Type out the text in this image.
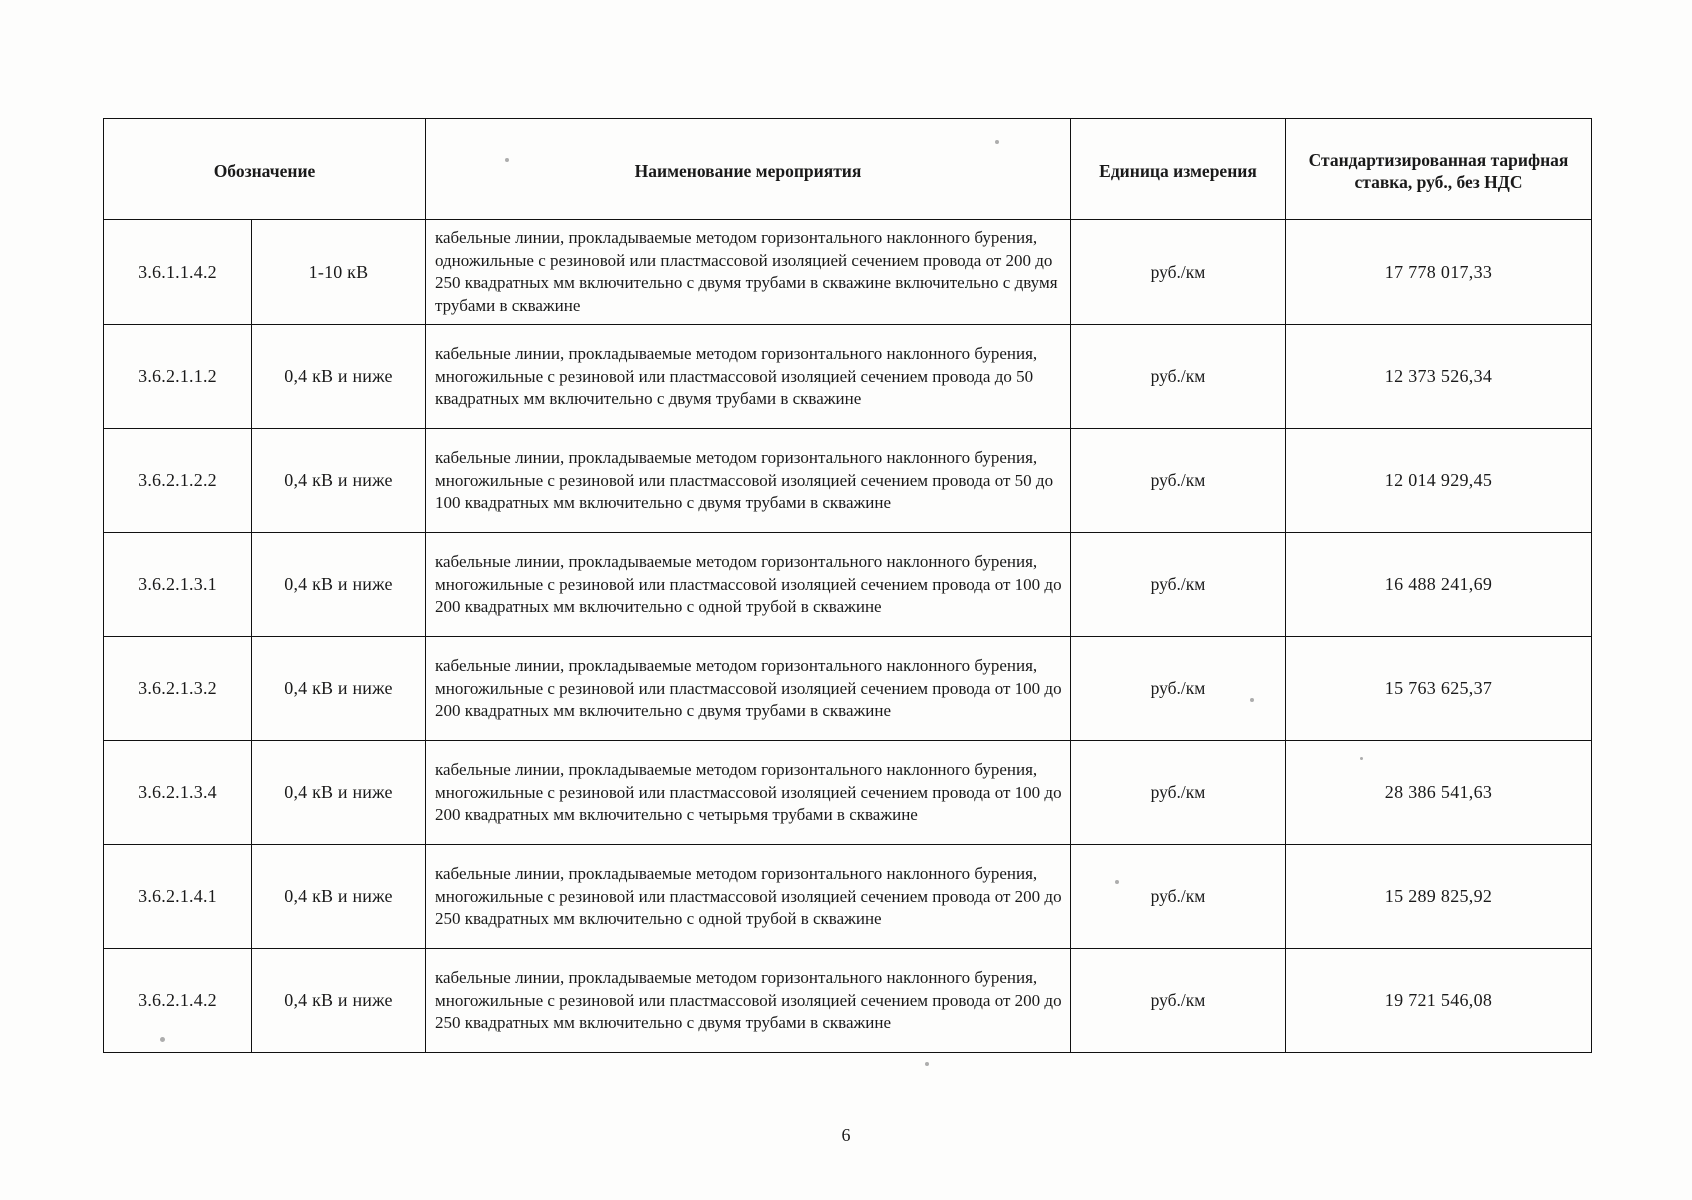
Обозначение		Наименование мероприятия	Единица измерения	Стандартизированная тарифная ставка, руб., без НДС

3.6.1.1.4.2	1-10 кВ	кабельные линии, прокладываемые методом горизонтального наклонного бурения, одножильные с резиновой или пластмассовой изоляцией сечением провода от 200 до 250 квадратных мм включительно с двумя трубами в скважине включительно с двумя трубами в скважине	руб./км	17 778 017,33
3.6.2.1.1.2	0,4 кВ и ниже	кабельные линии, прокладываемые методом горизонтального наклонного бурения, многожильные с резиновой или пластмассовой изоляцией сечением провода до 50 квадратных мм включительно с двумя трубами в скважине	руб./км	12 373 526,34
3.6.2.1.2.2	0,4 кВ и ниже	кабельные линии, прокладываемые методом горизонтального наклонного бурения, многожильные с резиновой или пластмассовой изоляцией сечением провода от 50 до 100 квадратных мм включительно с двумя трубами в скважине	руб./км	12 014 929,45
3.6.2.1.3.1	0,4 кВ и ниже	кабельные линии, прокладываемые методом горизонтального наклонного бурения, многожильные с резиновой или пластмассовой изоляцией сечением провода от 100 до 200 квадратных мм включительно с одной трубой в скважине	руб./км	16 488 241,69
3.6.2.1.3.2	0,4 кВ и ниже	кабельные линии, прокладываемые методом горизонтального наклонного бурения, многожильные с резиновой или пластмассовой изоляцией сечением провода от 100 до 200 квадратных мм включительно с двумя трубами в скважине	руб./км	15 763 625,37
3.6.2.1.3.4	0,4 кВ и ниже	кабельные линии, прокладываемые методом горизонтального наклонного бурения, многожильные с резиновой или пластмассовой изоляцией сечением провода от 100 до 200 квадратных мм включительно с четырьмя трубами в скважине	руб./км	28 386 541,63
3.6.2.1.4.1	0,4 кВ и ниже	кабельные линии, прокладываемые методом горизонтального наклонного бурения, многожильные с резиновой или пластмассовой изоляцией сечением провода от 200 до 250 квадратных мм включительно с одной трубой в скважине	руб./км	15 289 825,92
3.6.2.1.4.2	0,4 кВ и ниже	кабельные линии, прокладываемые методом горизонтального наклонного бурения, многожильные с резиновой или пластмассовой изоляцией сечением провода от 200 до 250 квадратных мм включительно с двумя трубами в скважине	руб./км	19 721 546,08
6
